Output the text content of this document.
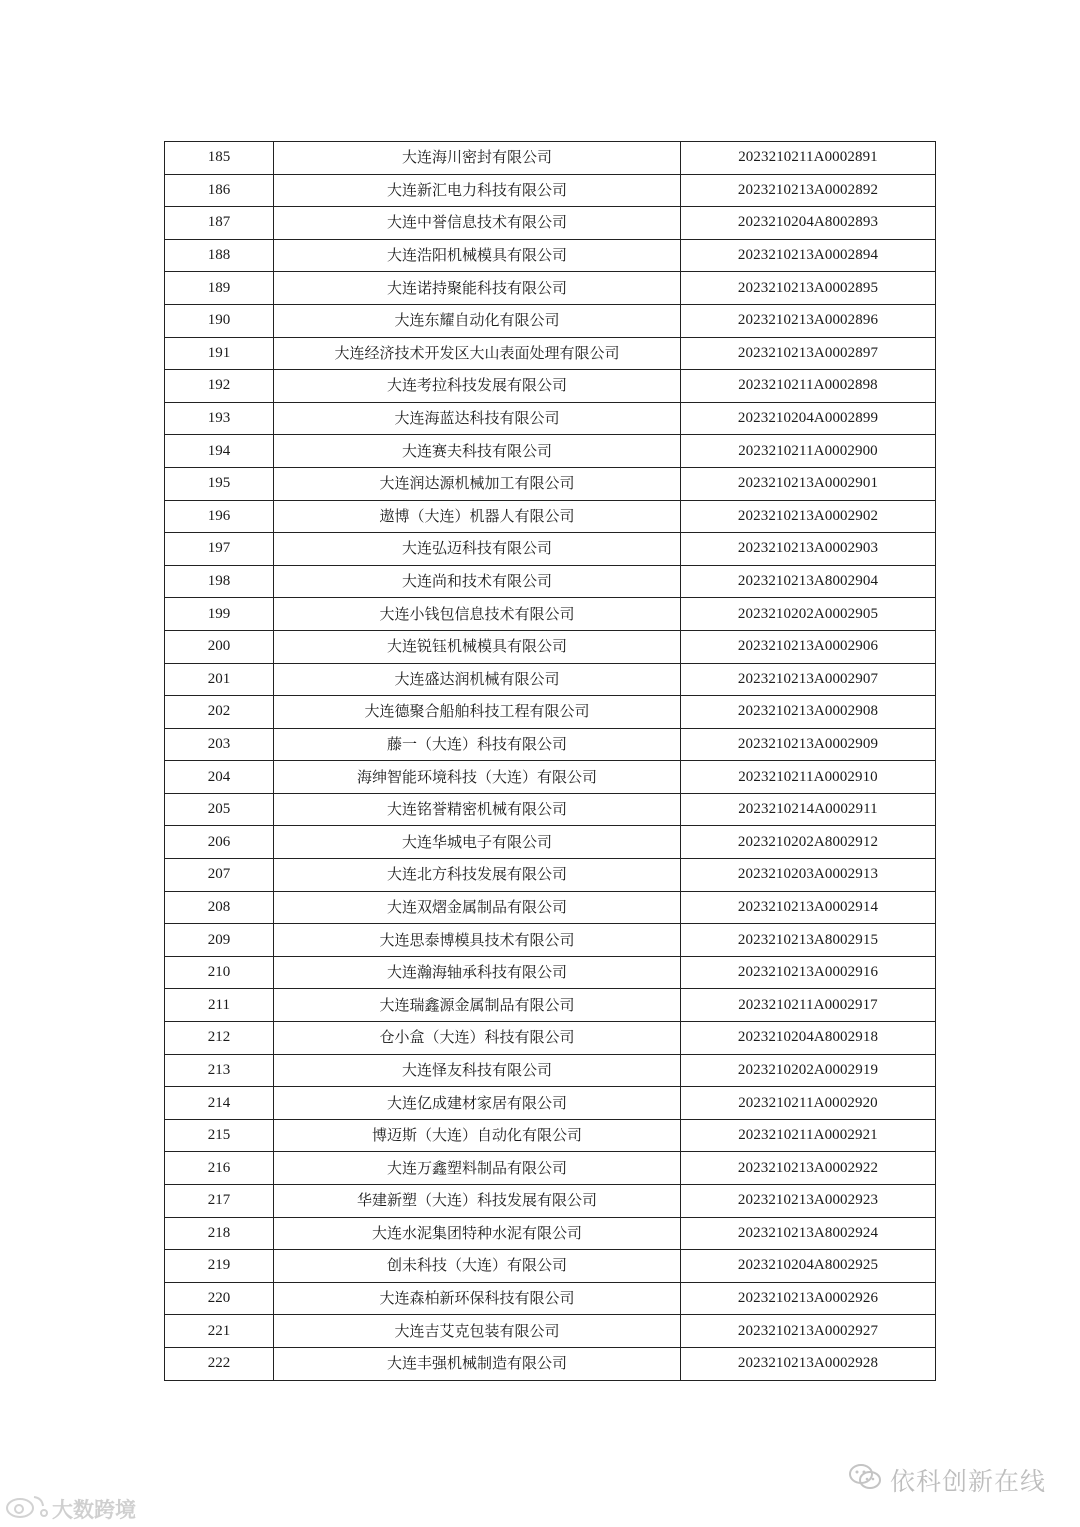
185	大连海川密封有限公司	2023210211A0002891
186	大连新汇电力科技有限公司	2023210213A0002892
187	大连中誉信息技术有限公司	2023210204A8002893
188	大连浩阳机械模具有限公司	2023210213A0002894
189	大连诺持聚能科技有限公司	2023210213A0002895
190	大连东耀自动化有限公司	2023210213A0002896
191	大连经济技术开发区大山表面处理有限公司	2023210213A0002897
192	大连考拉科技发展有限公司	2023210211A0002898
193	大连海蓝达科技有限公司	2023210204A0002899
194	大连赛夫科技有限公司	2023210211A0002900
195	大连润达源机械加工有限公司	2023210213A0002901
196	遨博（大连）机器人有限公司	2023210213A0002902
197	大连弘迈科技有限公司	2023210213A0002903
198	大连尚和技术有限公司	2023210213A8002904
199	大连小钱包信息技术有限公司	2023210202A0002905
200	大连锐钰机械模具有限公司	2023210213A0002906
201	大连盛达润机械有限公司	2023210213A0002907
202	大连德聚合船舶科技工程有限公司	2023210213A0002908
203	藤一（大连）科技有限公司	2023210213A0002909
204	海绅智能环境科技（大连）有限公司	2023210211A0002910
205	大连铭誉精密机械有限公司	2023210214A0002911
206	大连华城电子有限公司	2023210202A8002912
207	大连北方科技发展有限公司	2023210203A0002913
208	大连双熠金属制品有限公司	2023210213A0002914
209	大连思泰博模具技术有限公司	2023210213A8002915
210	大连瀚海轴承科技有限公司	2023210213A0002916
211	大连瑞鑫源金属制品有限公司	2023210211A0002917
212	仓小盒（大连）科技有限公司	2023210204A8002918
213	大连怿友科技有限公司	2023210202A0002919
214	大连亿成建材家居有限公司	2023210211A0002920
215	博迈斯（大连）自动化有限公司	2023210211A0002921
216	大连万鑫塑料制品有限公司	2023210213A0002922
217	华建新塑（大连）科技发展有限公司	2023210213A0002923
218	大连水泥集团特种水泥有限公司	2023210213A8002924
219	创未科技（大连）有限公司	2023210204A8002925
220	大连森柏新环保科技有限公司	2023210213A0002926
221	大连吉艾克包装有限公司	2023210213A0002927
222	大连丰强机械制造有限公司	2023210213A0002928
依科创新在线
大数跨境
